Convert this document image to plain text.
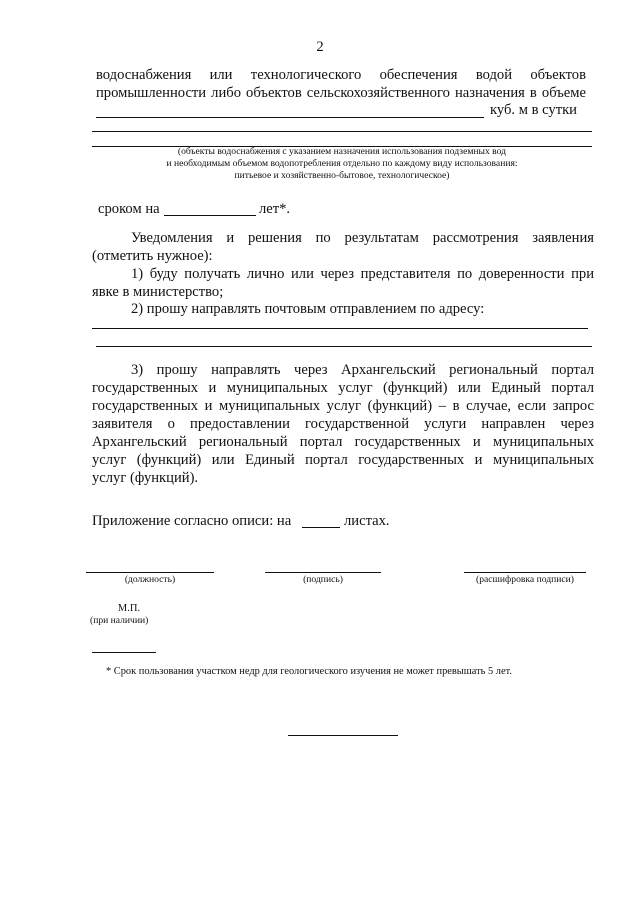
2
водоснабжения или технологического обеспечения водой объектов
промышленности либо объектов сельскохозяйственного назначения в объеме
куб. м в сутки
(объекты водоснабжения с указанием назначения использования подземных вод
и необходимым объемом водопотребления отдельно по каждому виду использования:
питьевое и хозяйственно-бытовое, технологическое)
сроком на	лет*.
Уведомления и решения по результатам рассмотрения заявления
(отметить нужное):
1) буду получать лично или через представителя по доверенности при
явке в министерство;
2) прошу направлять почтовым отправлением по адресу:
3) прошу направлять через Архангельский региональный портал
государственных и муниципальных услуг (функций) или Единый портал
государственных и муниципальных услуг (функций) – в случае, если запрос
заявителя о предоставлении государственной услуги направлен через
Архангельский региональный портал государственных и муниципальных
услуг (функций) или Единый портал государственных и муниципальных
услуг (функций).
Приложение согласно описи: на	листах.
(должность)	(подпись)	(расшифровка подписи)
М.П.
(при наличии)
* Срок пользования участком недр для геологического изучения не может превышать 5 лет.
